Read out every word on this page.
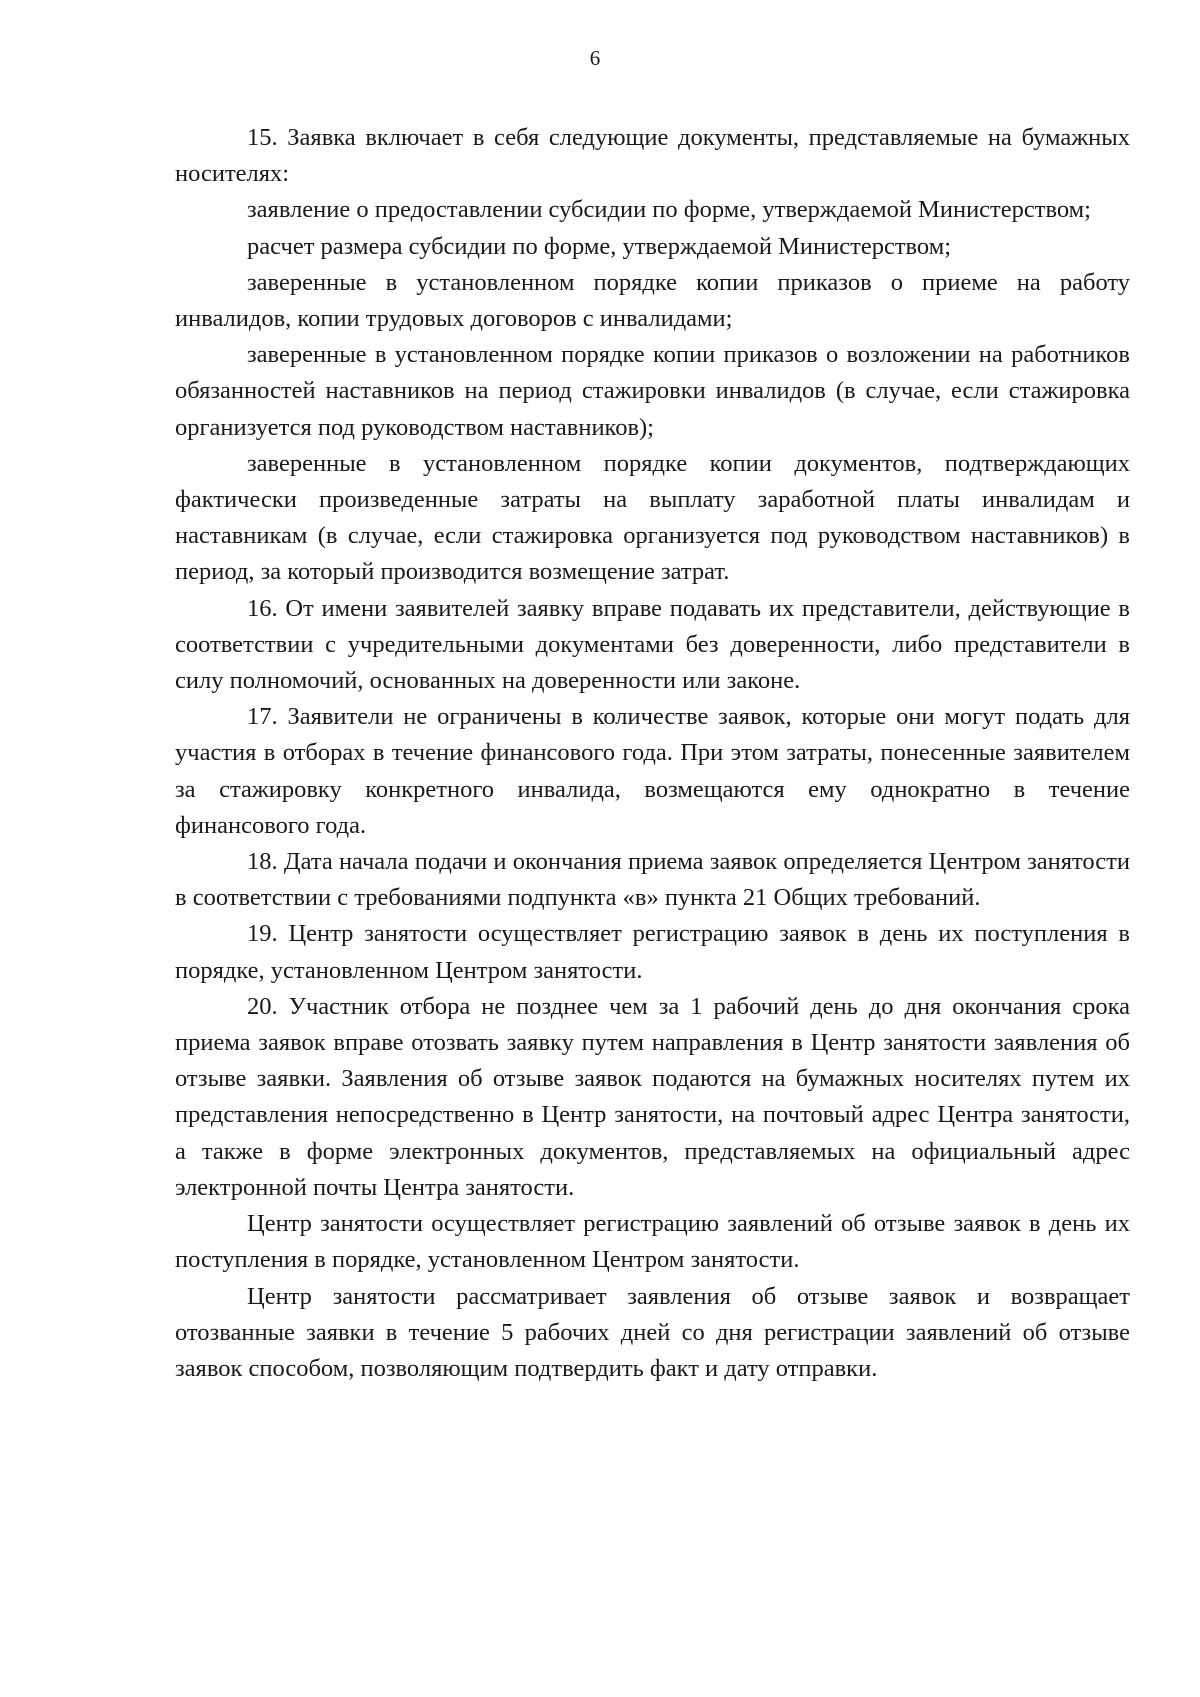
6

15. Заявка включает в себя следующие документы, представляемые на бумажных носителях:

заявление о предоставлении субсидии по форме, утверждаемой Министерством;

расчет размера субсидии по форме, утверждаемой Министерством;

заверенные в установленном порядке копии приказов о приеме на работу инвалидов, копии трудовых договоров с инвалидами;

заверенные в установленном порядке копии приказов о возложении на работников обязанностей наставников на период стажировки инвалидов (в случае, если стажировка организуется под руководством наставников);

заверенные в установленном порядке копии документов, подтверждающих фактически произведенные затраты на выплату заработной платы инвалидам и наставникам (в случае, если стажировка организуется под руководством наставников) в период, за который производится возмещение затрат.

16. От имени заявителей заявку вправе подавать их представители, действующие в соответствии с учредительными документами без доверенности, либо представители в силу полномочий, основанных на доверенности или законе.

17. Заявители не ограничены в количестве заявок, которые они могут подать для участия в отборах в течение финансового года. При этом затраты, понесенные заявителем за стажировку конкретного инвалида, возмещаются ему однократно в течение финансового года.

18. Дата начала подачи и окончания приема заявок определяется Центром занятости в соответствии с требованиями подпункта «в» пункта 21 Общих требований.

19. Центр занятости осуществляет регистрацию заявок в день их поступления в порядке, установленном Центром занятости.

20. Участник отбора не позднее чем за 1 рабочий день до дня окончания срока приема заявок вправе отозвать заявку путем направления в Центр занятости заявления об отзыве заявки. Заявления об отзыве заявок подаются на бумажных носителях путем их представления непосредственно в Центр занятости, на почтовый адрес Центра занятости, а также в форме электронных документов, представляемых на официальный адрес электронной почты Центра занятости.

Центр занятости осуществляет регистрацию заявлений об отзыве заявок в день их поступления в порядке, установленном Центром занятости.

Центр занятости рассматривает заявления об отзыве заявок и возвращает отозванные заявки в течение 5 рабочих дней со дня регистрации заявлений об отзыве заявок способом, позволяющим подтвердить факт и дату отправки.
